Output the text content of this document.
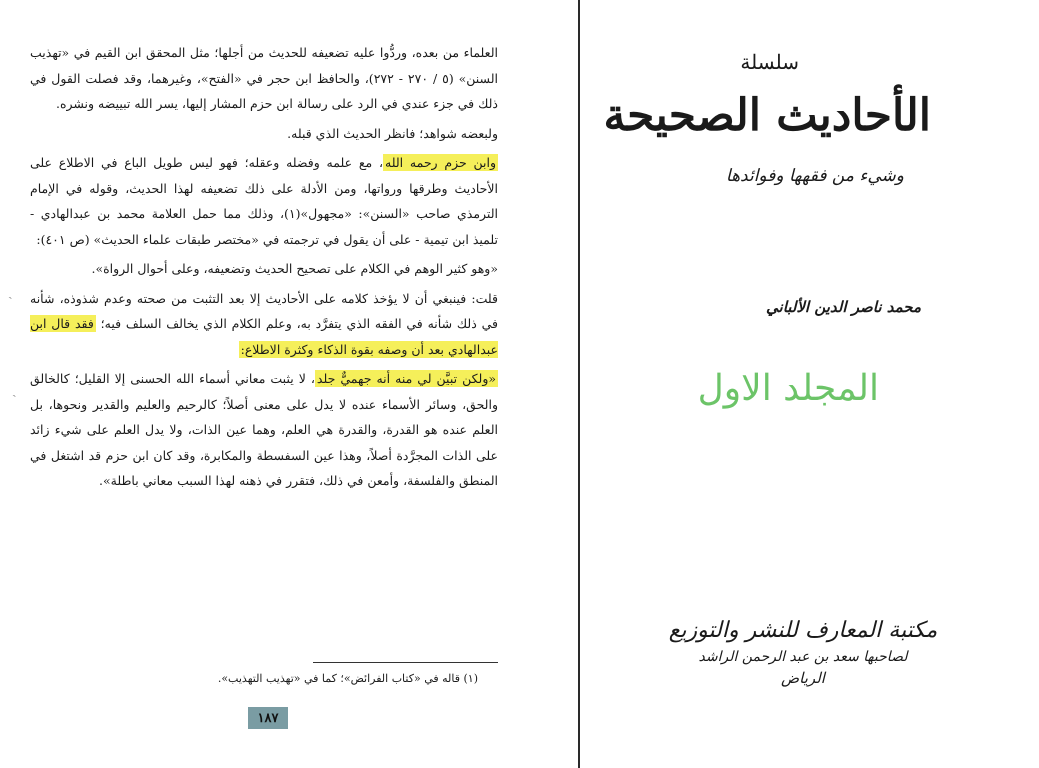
العلماء من بعده، وردُّوا عليه تضعيفه للحديث من أجلها؛ مثل المحقق ابن القيم في «تهذيب السنن» (٥ / ٢٧٠ - ٢٧٢)، والحافظ ابن حجر في «الفتح»، وغيرهما، وقد فصلت القول في ذلك في جزء عندي في الرد على رسالة ابن حزم المشار إليها، يسر الله تبييضه ونشره.

ولبعضه شواهد؛ فانظر الحديث الذي قبله.

وابن حزم رحمه الله، مع علمه وفضله وعقله؛ فهو ليس طويل الباع في الاطلاع على الأحاديث وطرقها ورواتها، ومن الأدلة على ذلك تضعيفه لهذا الحديث، وقوله في الإمام الترمذي صاحب «السنن»: «مجهول»(١)، وذلك مما حمل العلامة محمد بن عبدالهادي - تلميذ ابن تيمية - على أن يقول في ترجمته في «مختصر طبقات علماء الحديث» (ص ٤٠١):

«وهو كثير الوهم في الكلام على تصحيح الحديث وتضعيفه، وعلى أحوال الرواة».

قلت: فينبغي أن لا يؤخذ كلامه على الأحاديث إلا بعد التثبت من صحته وعدم شذوذه، شأنه في ذلك شأنه في الفقه الذي يتفرَّد به، وعلم الكلام الذي يخالف السلف فيه؛ فقد قال ابن عبدالهادي بعد أن وصفه بقوة الذكاء وكثرة الاطلاع:

«ولكن تبيَّن لي منه أنه جهميٌّ جلد، لا يثبت معاني أسماء الله الحسنى إلا القليل؛ كالخالق والحق، وسائر الأسماء عنده لا يدل على معنى أصلاً؛ كالرحيم والعليم والقدير ونحوها، بل العلم عنده هو القدرة، والقدرة هي العلم، وهما عين الذات، ولا يدل العلم على شيء زائد على الذات المجرَّدة أصلاً، وهذا عين السفسطة والمكابرة، وقد كان ابن حزم قد اشتغل في المنطق والفلسفة، وأمعن في ذلك، فتقرر في ذهنه لهذا السبب معاني باطلة».

(١) قاله في «كتاب الفرائض»؛ كما في «تهذيب التهذيب».

١٨٧
ˎ
ˎ
سلسلة
الأحاديث الصحيحة
وشيء من فقهها وفوائدها
محمد ناصر الدين الألباني
المجلد الاول
مكتبة المعارف للنشر والتوزيع
لصاحبها سعد بن عبد الرحمن الراشد
الرياض
